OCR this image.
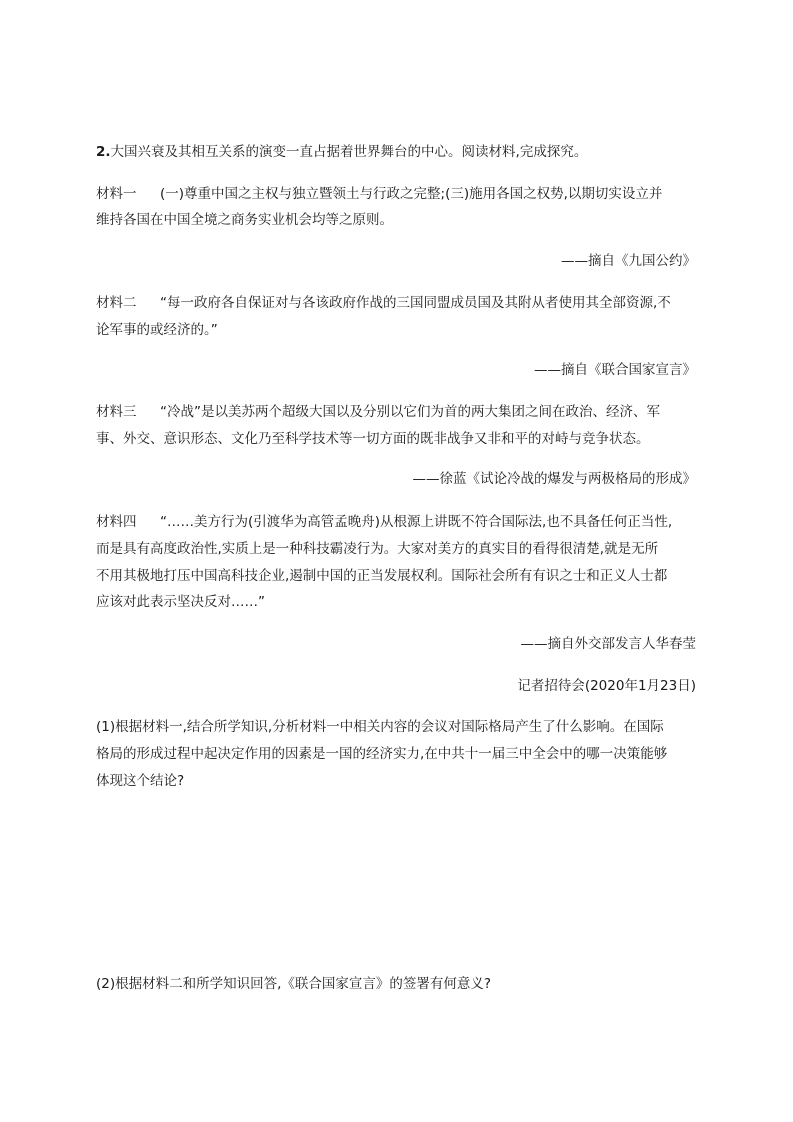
2.大国兴衰及其相互关系的演变一直占据着世界舞台的中心。阅读材料,完成探究。
材料一 (一)尊重中国之主权与独立暨领土与行政之完整;(三)施用各国之权势,以期切实设立并
维持各国在中国全境之商务实业机会均等之原则。
——摘自《九国公约》
材料二 “每一政府各自保证对与各该政府作战的三国同盟成员国及其附从者使用其全部资源,不
论军事的或经济的。”
——摘自《联合国家宣言》
材料三 “冷战”是以美苏两个超级大国以及分别以它们为首的两大集团之间在政治、经济、军
事、外交、意识形态、文化乃至科学技术等一切方面的既非战争又非和平的对峙与竞争状态。
——徐蓝《试论冷战的爆发与两极格局的形成》
材料四 “……美方行为(引渡华为高管孟晚舟)从根源上讲既不符合国际法,也不具备任何正当性,
而是具有高度政治性,实质上是一种科技霸凌行为。大家对美方的真实目的看得很清楚,就是无所
不用其极地打压中国高科技企业,遏制中国的正当发展权利。国际社会所有有识之士和正义人士都
应该对此表示坚决反对……”
——摘自外交部发言人华春莹
记者招待会(2020年1月23日)
(1)根据材料一,结合所学知识,分析材料一中相关内容的会议对国际格局产生了什么影响。在国际
格局的形成过程中起决定作用的因素是一国的经济实力,在中共十一届三中全会中的哪一决策能够
体现这个结论?
(2)根据材料二和所学知识回答,《联合国家宣言》的签署有何意义?
